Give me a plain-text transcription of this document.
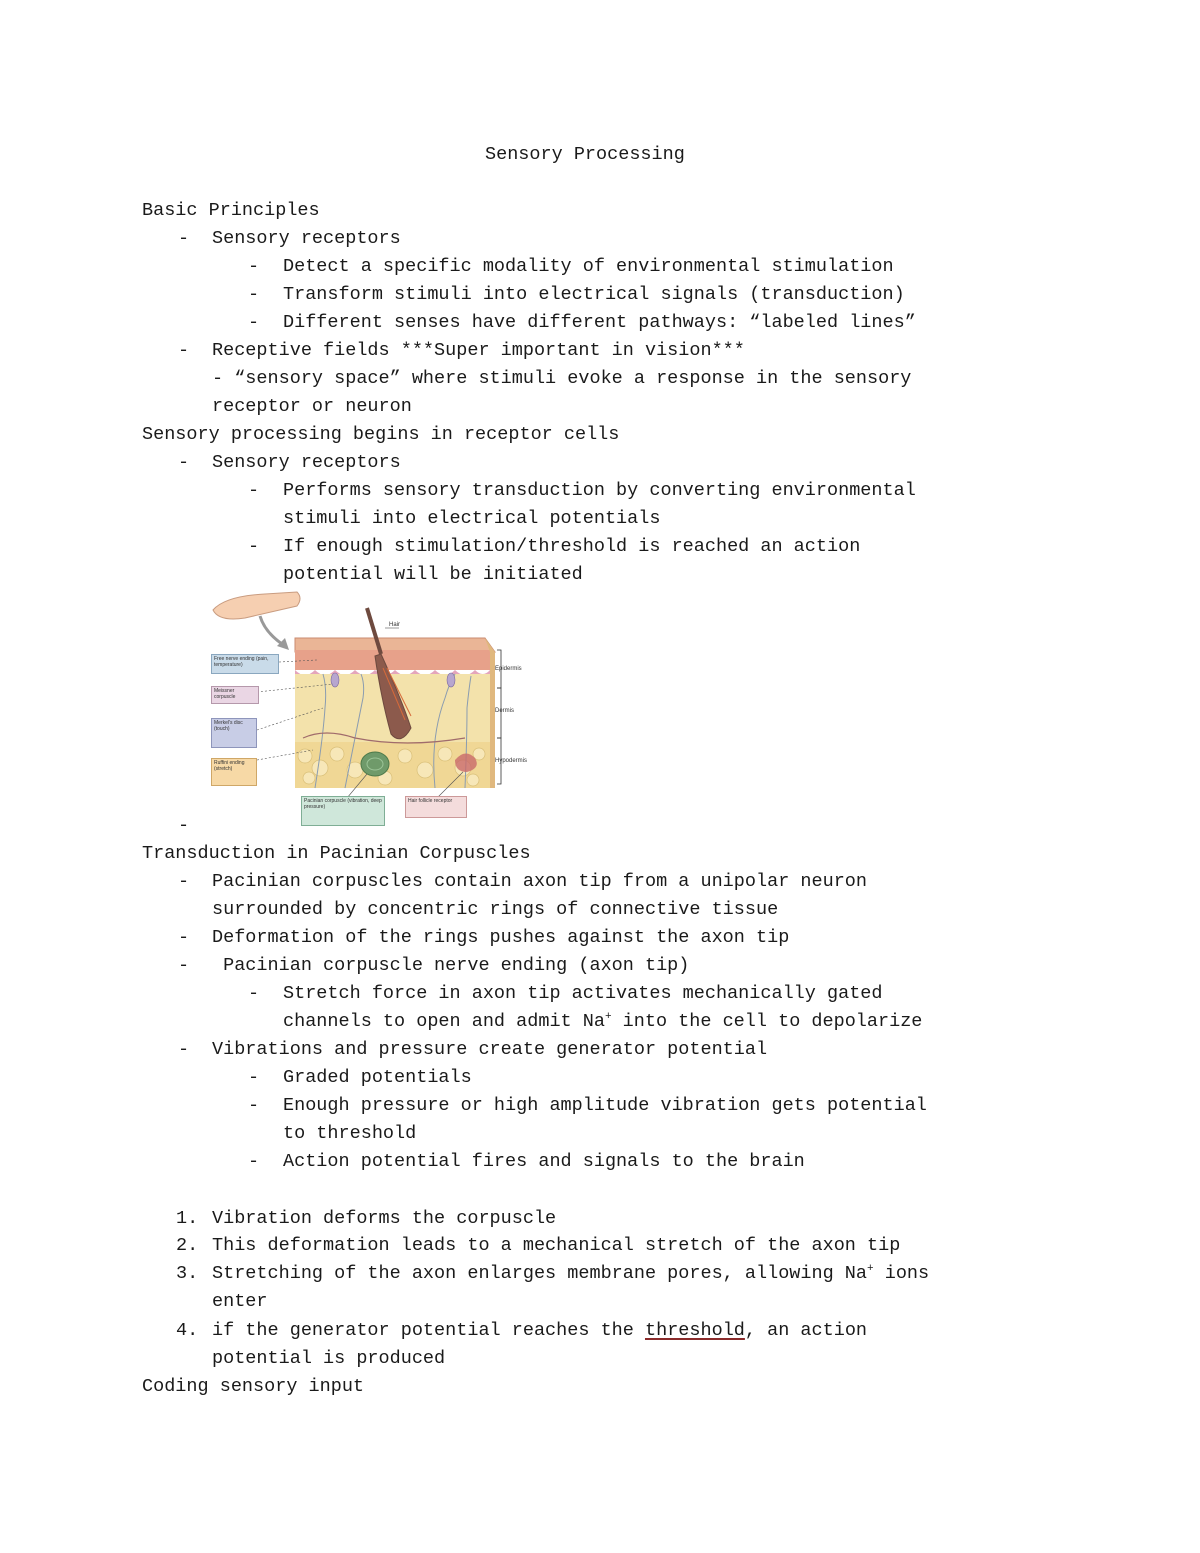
Sensory Processing
Basic Principles
- Sensory receptors
- Detect a specific modality of environmental stimulation
- Transform stimuli into electrical signals (transduction)
- Different senses have different pathways: “labeled lines”
- Receptive fields ***Super important in vision***
- “sensory space” where stimuli evoke a response in the sensory
receptor or neuron
Sensory processing begins in receptor cells
- Sensory receptors
- Performs sensory transduction by converting environmental
stimuli into electrical potentials
- If enough stimulation/threshold is reached an action
potential will be initiated
Free nerve ending (pain, temperature)
Meissner corpuscle
Merkel's disc (touch)
Ruffini ending (stretch)
Pacinian corpuscle (vibration, deep pressure)
Hair follicle receptor
Hair
Epidermis
Dermis
Hypodermis
-
Transduction in Pacinian Corpuscles
- Pacinian corpuscles contain axon tip from a unipolar neuron
surrounded by concentric rings of connective tissue
- Deformation of the rings pushes against the axon tip
- Pacinian corpuscle nerve ending (axon tip)
- Stretch force in axon tip activates mechanically gated
channels to open and admit Na+ into the cell to depolarize
- Vibrations and pressure create generator potential
- Graded potentials
- Enough pressure or high amplitude vibration gets potential
to threshold
- Action potential fires and signals to the brain
1. Vibration deforms the corpuscle
2. This deformation leads to a mechanical stretch of the axon tip
3. Stretching of the axon enlarges membrane pores, allowing Na+ ions
enter
4. if the generator potential reaches the threshold, an action
potential is produced
Coding sensory input
